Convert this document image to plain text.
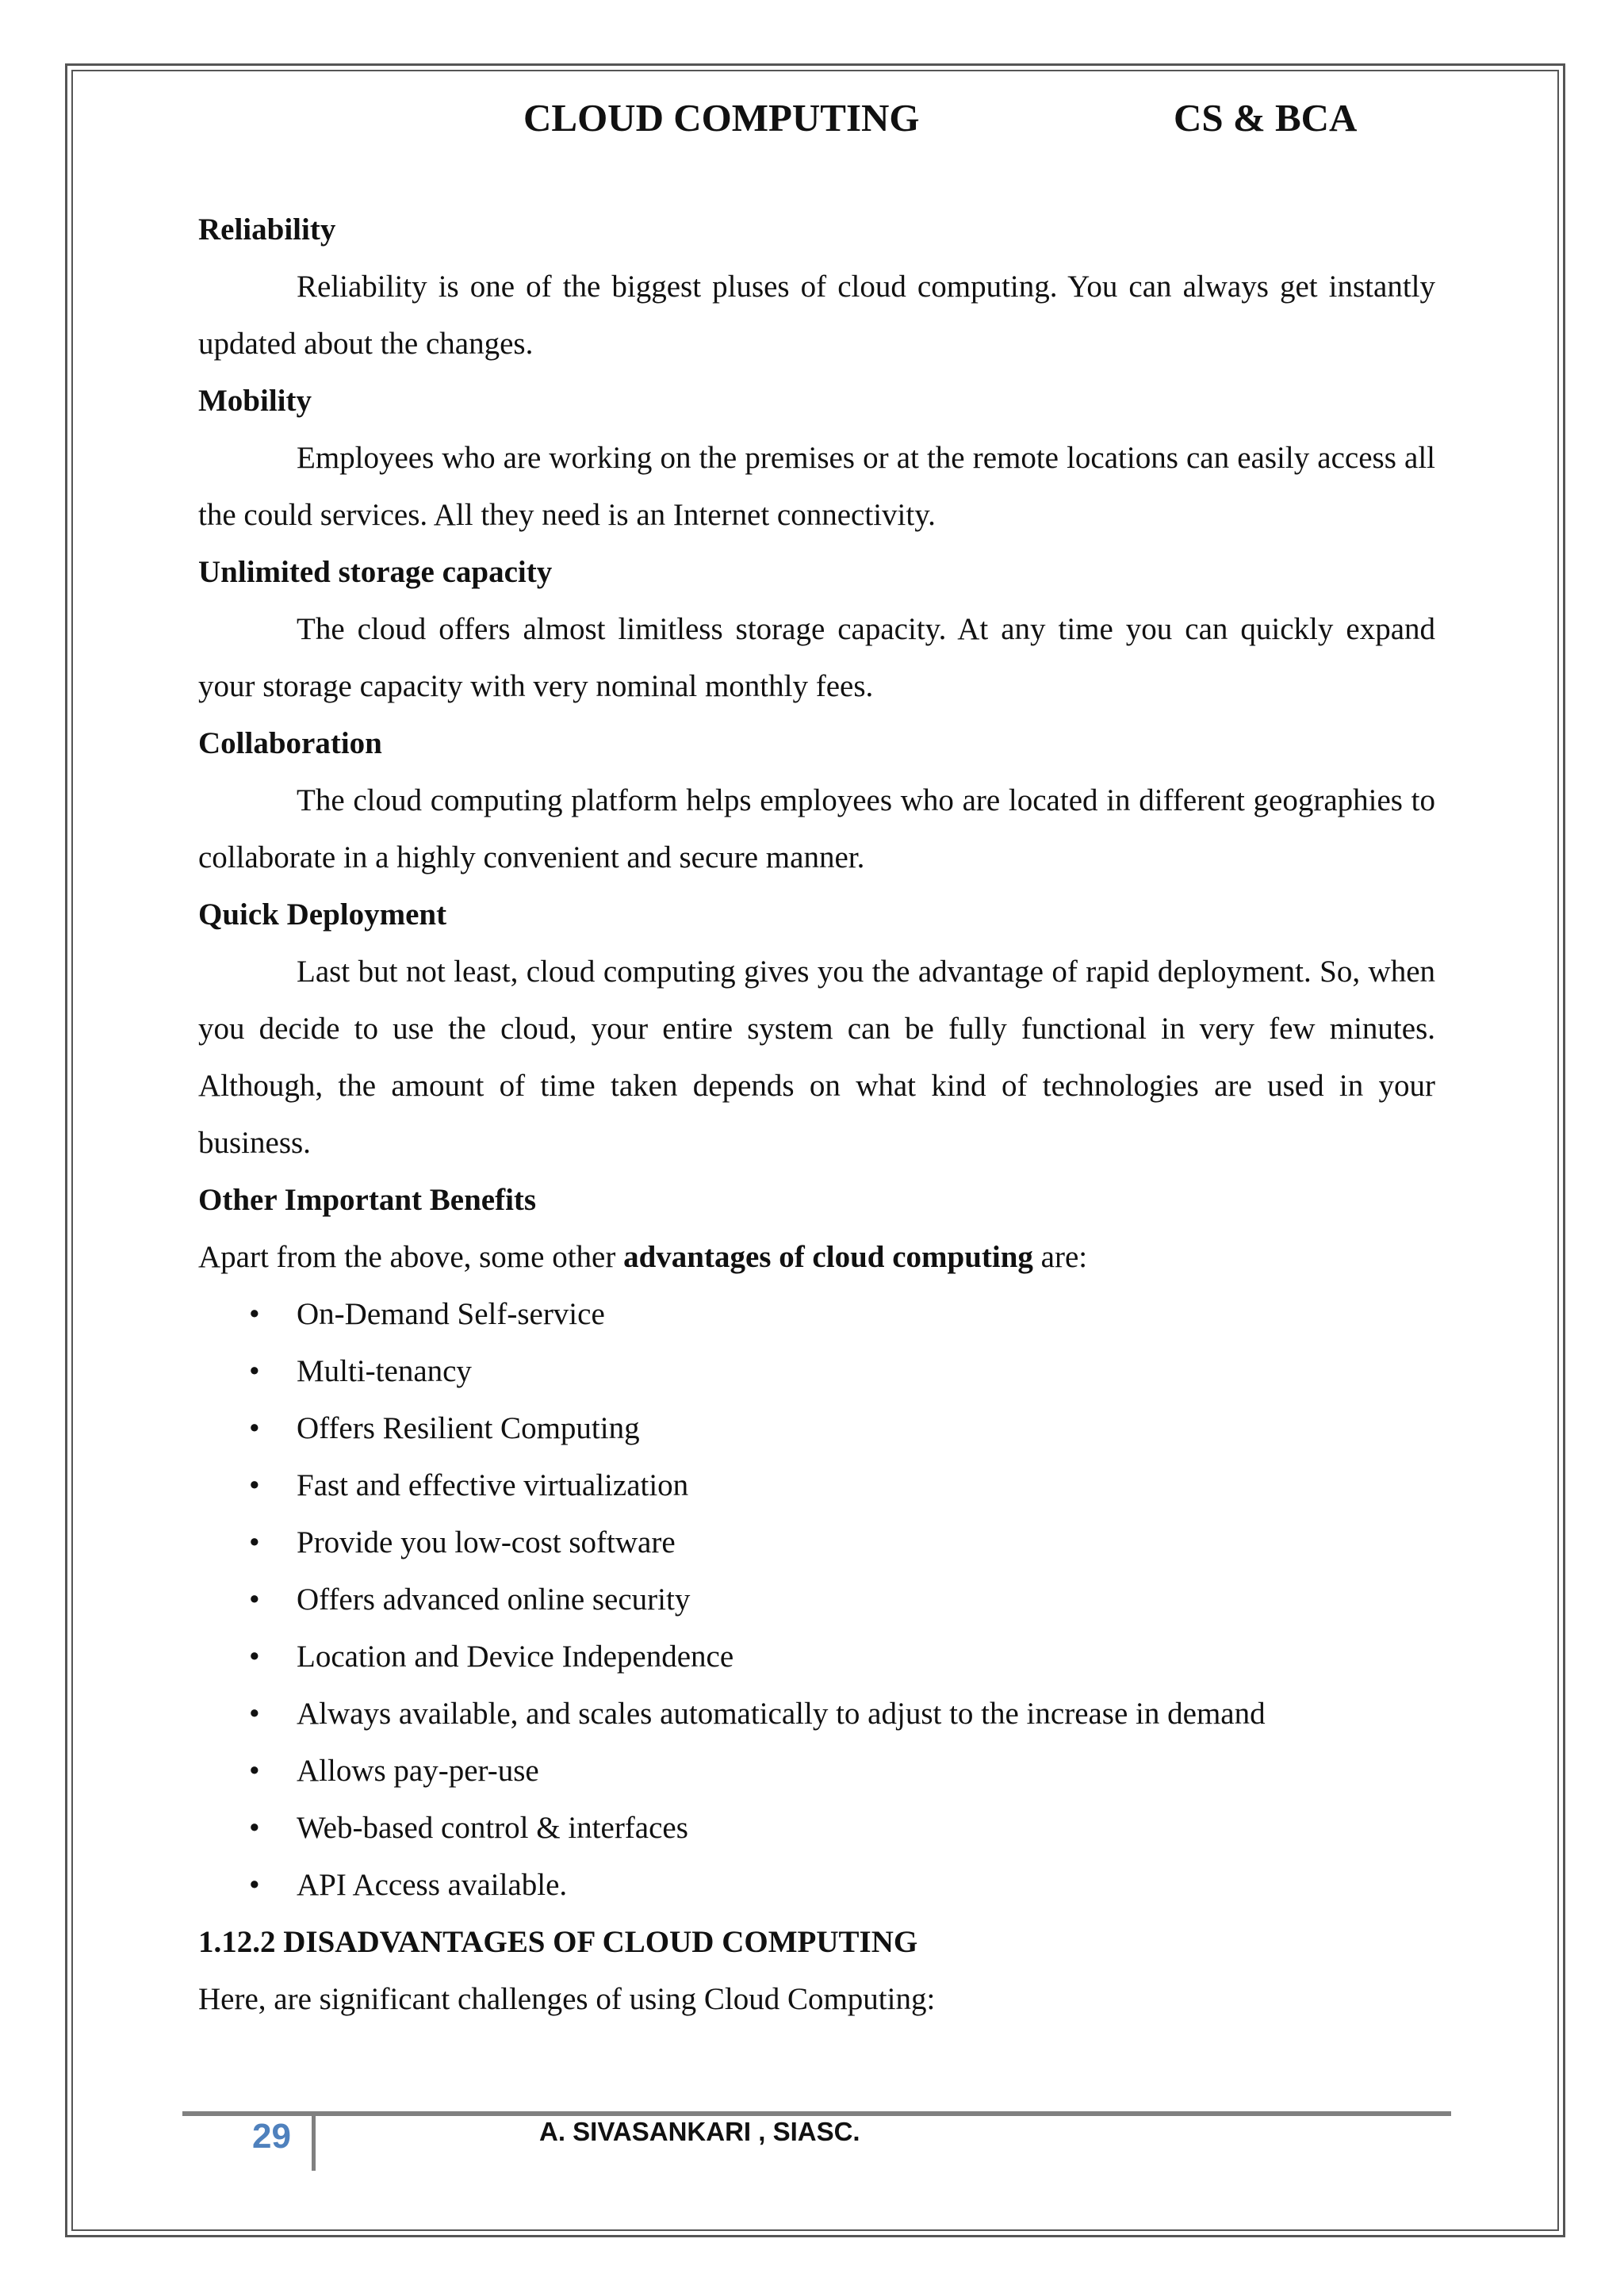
CLOUD COMPUTING	CS & BCA

Reliability

Reliability is one of the biggest pluses of cloud computing. You can always get instantly updated about the changes.

Mobility

Employees who are working on the premises or at the remote locations can easily access all the could services. All they need is an Internet connectivity.

Unlimited storage capacity

The cloud offers almost limitless storage capacity. At any time you can quickly expand your storage capacity with very nominal monthly fees.

Collaboration

The cloud computing platform helps employees who are located in different geographies to collaborate in a highly convenient and secure manner.

Quick Deployment

Last but not least, cloud computing gives you the advantage of rapid deployment. So, when you decide to use the cloud, your entire system can be fully functional in very few minutes. Although, the amount of time taken depends on what kind of technologies are used in your business.

Other Important Benefits

Apart from the above, some other advantages of cloud computing are:

• On-Demand Self-service
• Multi-tenancy
• Offers Resilient Computing
• Fast and effective virtualization
• Provide you low-cost software
• Offers advanced online security
• Location and Device Independence
• Always available, and scales automatically to adjust to the increase in demand
• Allows pay-per-use
• Web-based control & interfaces
• API Access available.

1.12.2 DISADVANTAGES OF CLOUD COMPUTING

Here, are significant challenges of using Cloud Computing:

29	A. SIVASANKARI , SIASC.
